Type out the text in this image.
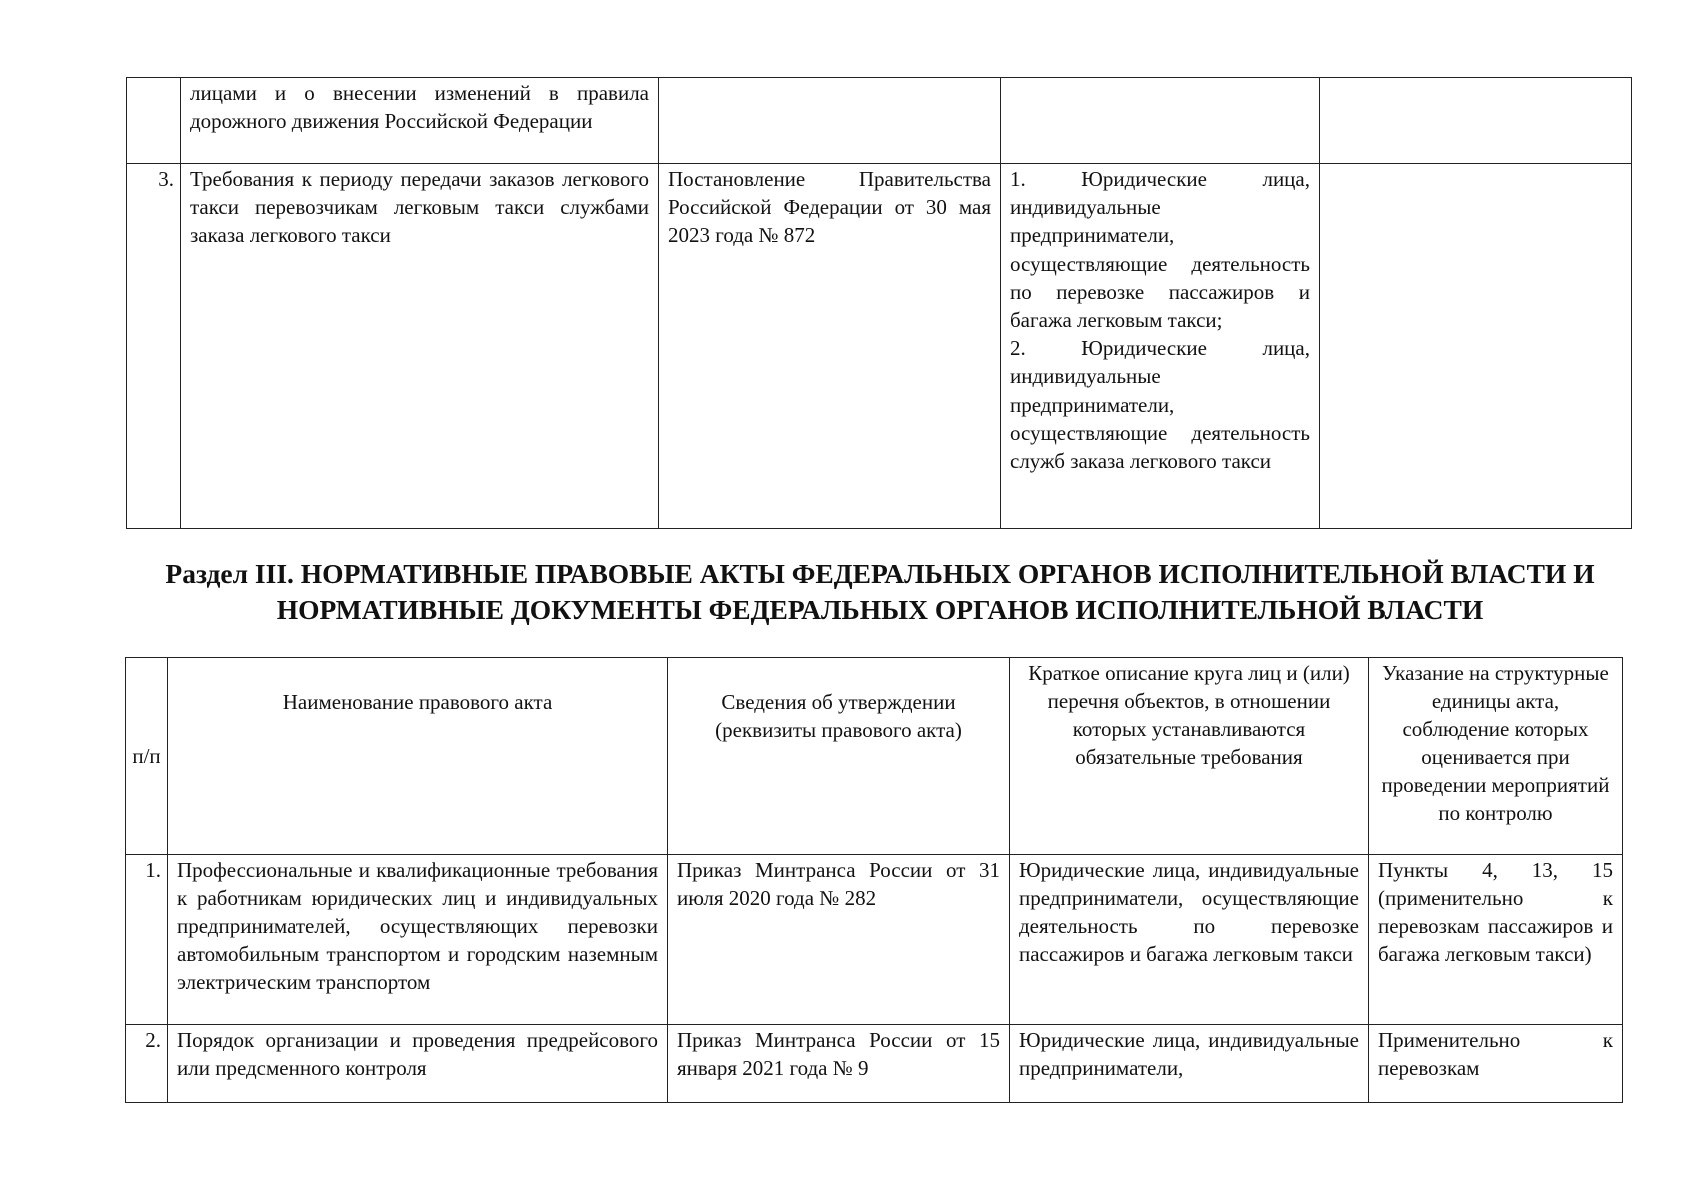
	лицами и о внесении изменений в правила дорожного движения Российской Федерации			
3.	Требования к периоду передачи заказов легкового такси перевозчикам легковым такси службами заказа легкового такси	Постановление Правительства Российской Федерации от 30 мая 2023 года № 872	1. Юридические лица, индивидуальные предприниматели, осуществляющие деятельность по перевозке пассажиров и багажа легковым такси;
2. Юридические лица, индивидуальные предприниматели, осуществляющие деятельность служб заказа легкового такси	

Раздел III. НОРМАТИВНЫЕ ПРАВОВЫЕ АКТЫ ФЕДЕРАЛЬНЫХ ОРГАНОВ ИСПОЛНИТЕЛЬНОЙ ВЛАСТИ И
НОРМАТИВНЫЕ ДОКУМЕНТЫ ФЕДЕРАЛЬНЫХ ОРГАНОВ ИСПОЛНИТЕЛЬНОЙ ВЛАСТИ
п/п	Наименование правового акта	Сведения об утверждении (реквизиты правового акта)	Краткое описание круга лиц и (или) перечня объектов, в отношении которых устанавливаются обязательные требования	Указание на структурные единицы акта, соблюдение которых оценивается при проведении мероприятий по контролю
1.	Профессиональные и квалификационные требования к работникам юридических лиц и индивидуальных предпринимателей, осуществляющих перевозки автомобильным транспортом и городским наземным электрическим транспортом	Приказ Минтранса России от 31 июля 2020 года № 282	Юридические лица, индивидуальные предприниматели, осуществляющие деятельность по перевозке пассажиров и багажа легковым такси	Пункты 4, 13, 15 (применительно к перевозкам пассажиров и багажа легковым такси)
2.	Порядок организации и проведения предрейсового или предсменного контроля	Приказ Минтранса России от 15 января 2021 года № 9	Юридические лица, индивидуальные предприниматели,	Применительно к перевозкам
